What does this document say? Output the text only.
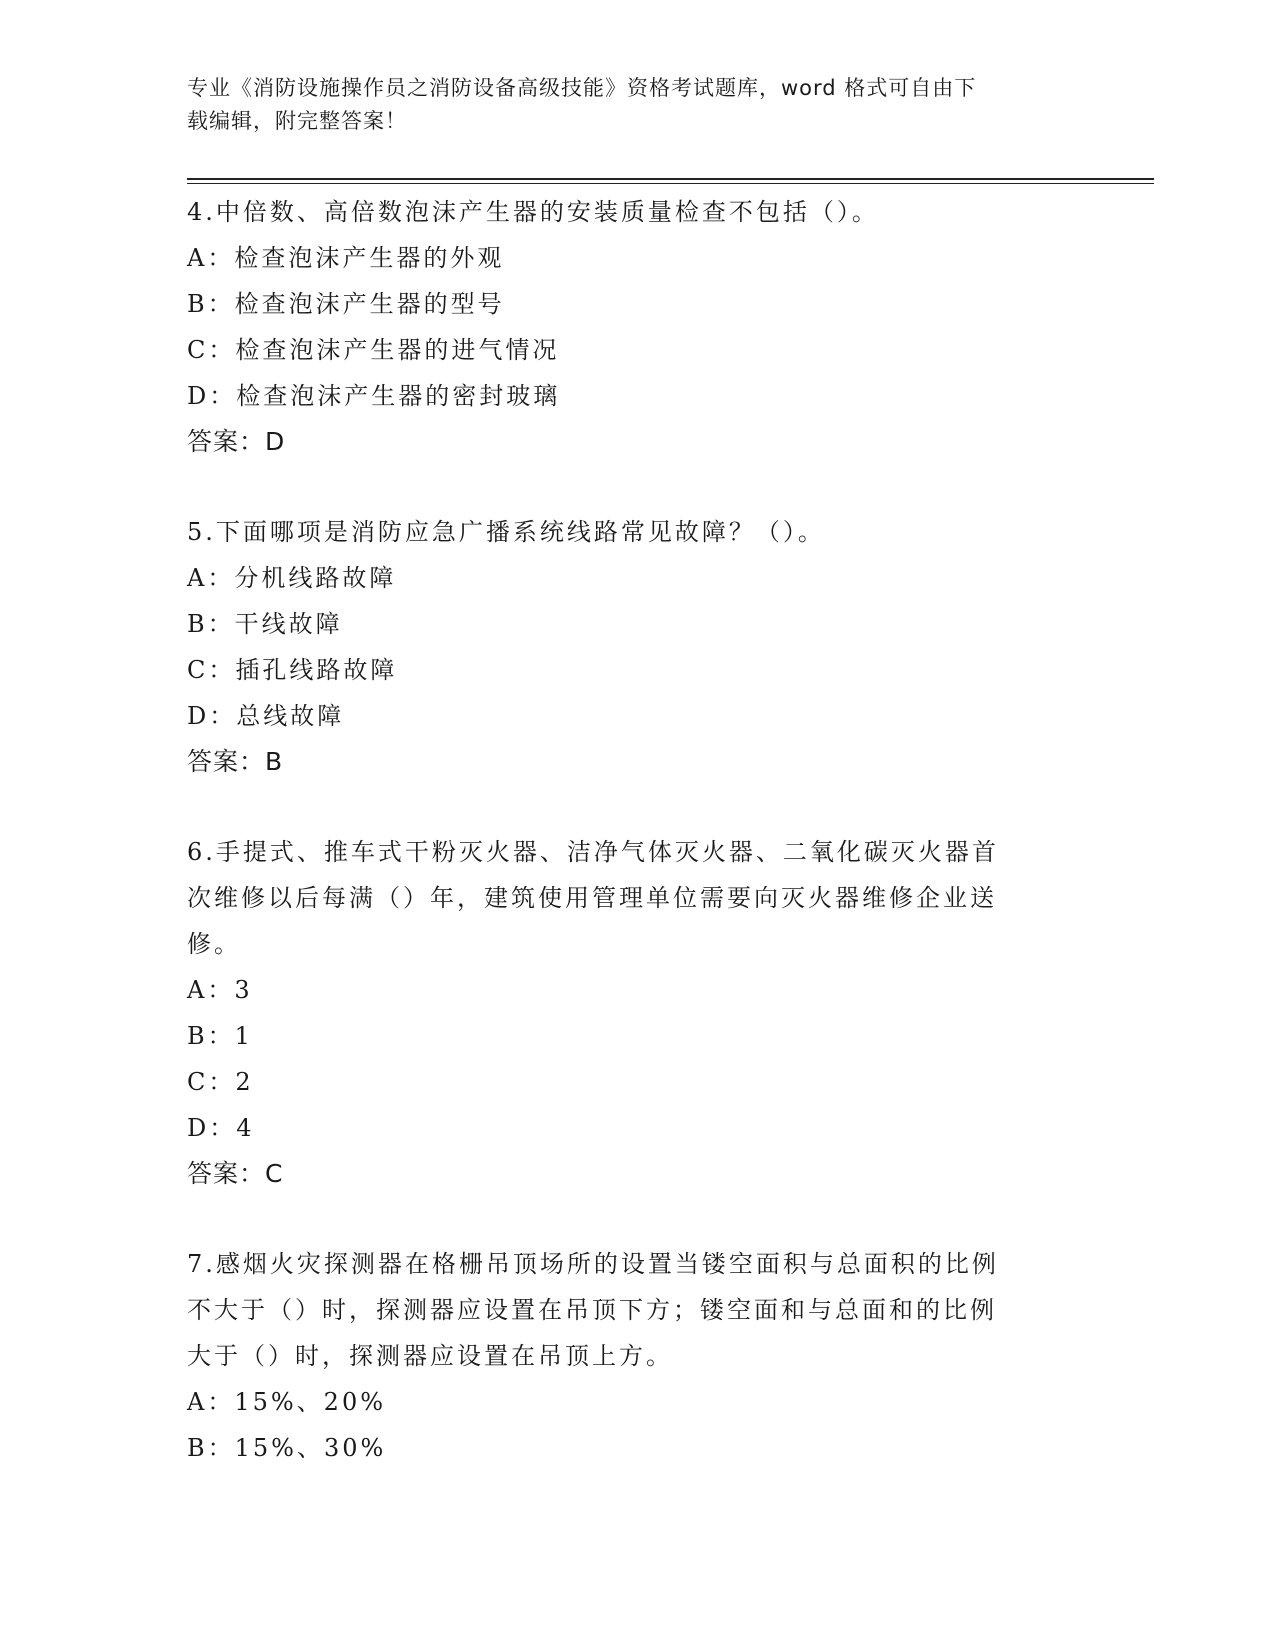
专业《消防设施操作员之消防设备高级技能》资格考试题库，word 格式可自由下
载编辑，附完整答案！
4.中倍数、高倍数泡沫产生器的安装质量检查不包括（）。
A：检查泡沫产生器的外观
B：检查泡沫产生器的型号
C：检查泡沫产生器的进气情况
D：检查泡沫产生器的密封玻璃
答案：D
5.下面哪项是消防应急广播系统线路常见故障？（）。
A：分机线路故障
B：干线故障
C：插孔线路故障
D：总线故障
答案：B
6.手提式、推车式干粉灭火器、洁净气体灭火器、二氧化碳灭火器首
次维修以后每满（）年，建筑使用管理单位需要向灭火器维修企业送
修。
A：3
B：1
C：2
D：4
答案：C
7.感烟火灾探测器在格栅吊顶场所的设置当镂空面积与总面积的比例
不大于（）时，探测器应设置在吊顶下方；镂空面和与总面和的比例
大于（）时，探测器应设置在吊顶上方。
A：15%、20%
B：15%、30%
